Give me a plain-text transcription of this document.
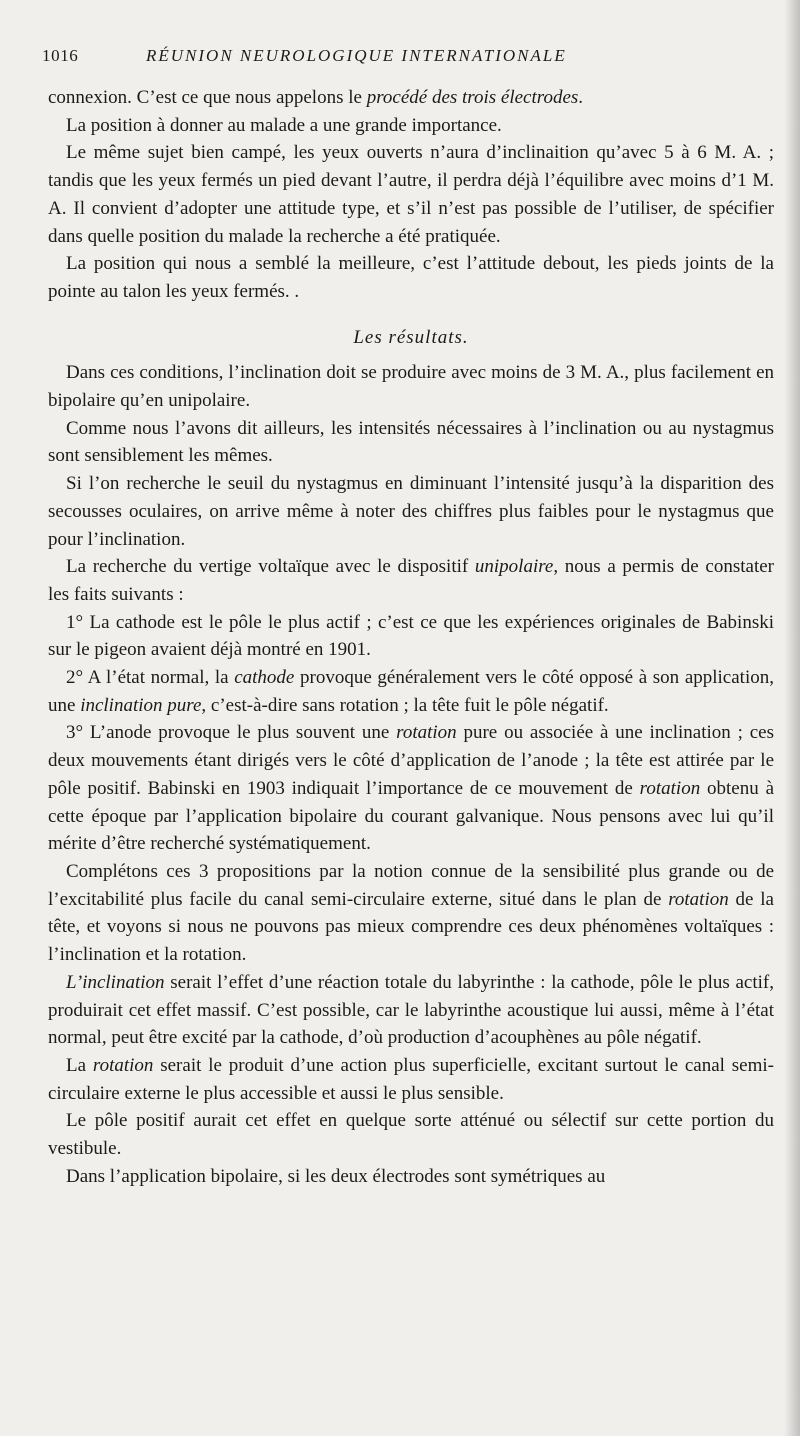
1016	RÉUNION NEUROLOGIQUE INTERNATIONALE

connexion. C’est ce que nous appelons le procédé des trois électrodes.

La position à donner au malade a une grande importance.

Le même sujet bien campé, les yeux ouverts n’aura d’inclinaition qu’avec 5 à 6 M. A. ; tandis que les yeux fermés un pied devant l’autre, il perdra déjà l’équilibre avec moins d’1 M. A. Il convient d’adopter une attitude type, et s’il n’est pas possible de l’utiliser, de spécifier dans quelle position du malade la recherche a été pratiquée.

La position qui nous a semblé la meilleure, c’est l’attitude debout, les pieds joints de la pointe au talon les yeux fermés. .

Les résultats.

Dans ces conditions, l’inclination doit se produire avec moins de 3 M. A., plus facilement en bipolaire qu’en unipolaire.

Comme nous l’avons dit ailleurs, les intensités nécessaires à l’inclination ou au nystagmus sont sensiblement les mêmes.

Si l’on recherche le seuil du nystagmus en diminuant l’intensité jusqu’à la disparition des secousses oculaires, on arrive même à noter des chiffres plus faibles pour le nystagmus que pour l’inclination.

La recherche du vertige voltaïque avec le dispositif unipolaire, nous a permis de constater les faits suivants :

1° La cathode est le pôle le plus actif ; c’est ce que les expériences originales de Babinski sur le pigeon avaient déjà montré en 1901.

2° A l’état normal, la cathode provoque généralement vers le côté opposé à son application, une inclination pure, c’est-à-dire sans rotation ; la tête fuit le pôle négatif.

3° L’anode provoque le plus souvent une rotation pure ou associée à une inclination ; ces deux mouvements étant dirigés vers le côté d’application de l’anode ; la tête est attirée par le pôle positif. Babinski en 1903 indiquait l’importance de ce mouvement de rotation obtenu à cette époque par l’application bipolaire du courant galvanique. Nous pensons avec lui qu’il mérite d’être recherché systématiquement.

Complétons ces 3 propositions par la notion connue de la sensibilité plus grande ou de l’excitabilité plus facile du canal semi-circulaire externe, situé dans le plan de rotation de la tête, et voyons si nous ne pouvons pas mieux comprendre ces deux phénomènes voltaïques : l’inclination et la rotation.

L’inclination serait l’effet d’une réaction totale du labyrinthe : la cathode, pôle le plus actif, produirait cet effet massif. C’est possible, car le labyrinthe acoustique lui aussi, même à l’état normal, peut être excité par la cathode, d’où production d’acouphènes au pôle négatif.

La rotation serait le produit d’une action plus superficielle, excitant surtout le canal semi-circulaire externe le plus accessible et aussi le plus sensible.

Le pôle positif aurait cet effet en quelque sorte atténué ou sélectif sur cette portion du vestibule.

Dans l’application bipolaire, si les deux électrodes sont symétriques au
